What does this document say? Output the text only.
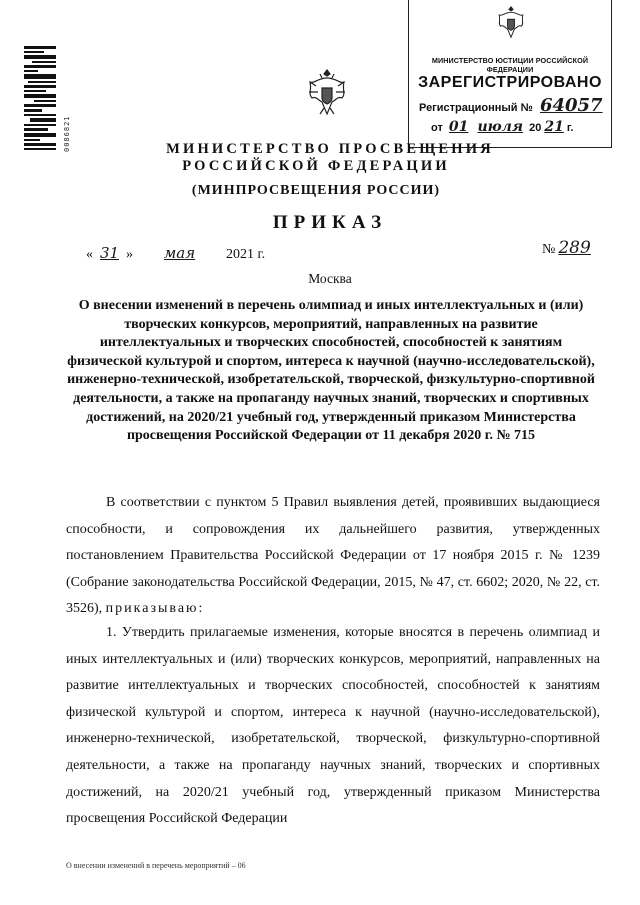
0086821
МИНИСТЕРСТВО ЮСТИЦИИ РОССИЙСКОЙ ФЕДЕРАЦИИ
ЗАРЕГИСТРИРОВАНО
Регистрационный № 64057
от 01 июля 20 21 г.
МИНИСТЕРСТВО ПРОСВЕЩЕНИЯ
РОССИЙСКОЙ ФЕДЕРАЦИИ
(МИНПРОСВЕЩЕНИЯ РОССИИ)
ПРИКАЗ
« 31 » мая 2021 г.	№ 289
Москва
О внесении изменений в перечень олимпиад и иных интеллектуальных и (или) творческих конкурсов, мероприятий, направленных на развитие интеллектуальных и творческих способностей, способностей к занятиям физической культурой и спортом, интереса к научной (научно-исследовательской), инженерно-технической, изобретательской, творческой, физкультурно-спортивной деятельности, а также на пропаганду научных знаний, творческих и спортивных достижений, на 2020/21 учебный год, утвержденный приказом Министерства просвещения Российской Федерации от 11 декабря 2020 г. № 715
В соответствии с пунктом 5 Правил выявления детей, проявивших выдающиеся способности, и сопровождения их дальнейшего развития, утвержденных постановлением Правительства Российской Федерации от 17 ноября 2015 г. № 1239 (Собрание законодательства Российской Федерации, 2015, № 47, ст. 6602; 2020, № 22, ст. 3526), приказываю:
1. Утвердить прилагаемые изменения, которые вносятся в перечень олимпиад и иных интеллектуальных и (или) творческих конкурсов, мероприятий, направленных на развитие интеллектуальных и творческих способностей, способностей к занятиям физической культурой и спортом, интереса к научной (научно-исследовательской), инженерно-технической, изобретательской, творческой, физкультурно-спортивной деятельности, а также на пропаганду научных знаний, творческих и спортивных достижений, на 2020/21 учебный год, утвержденный приказом Министерства просвещения Российской Федерации
О внесении изменений в перечень мероприятий – 06
